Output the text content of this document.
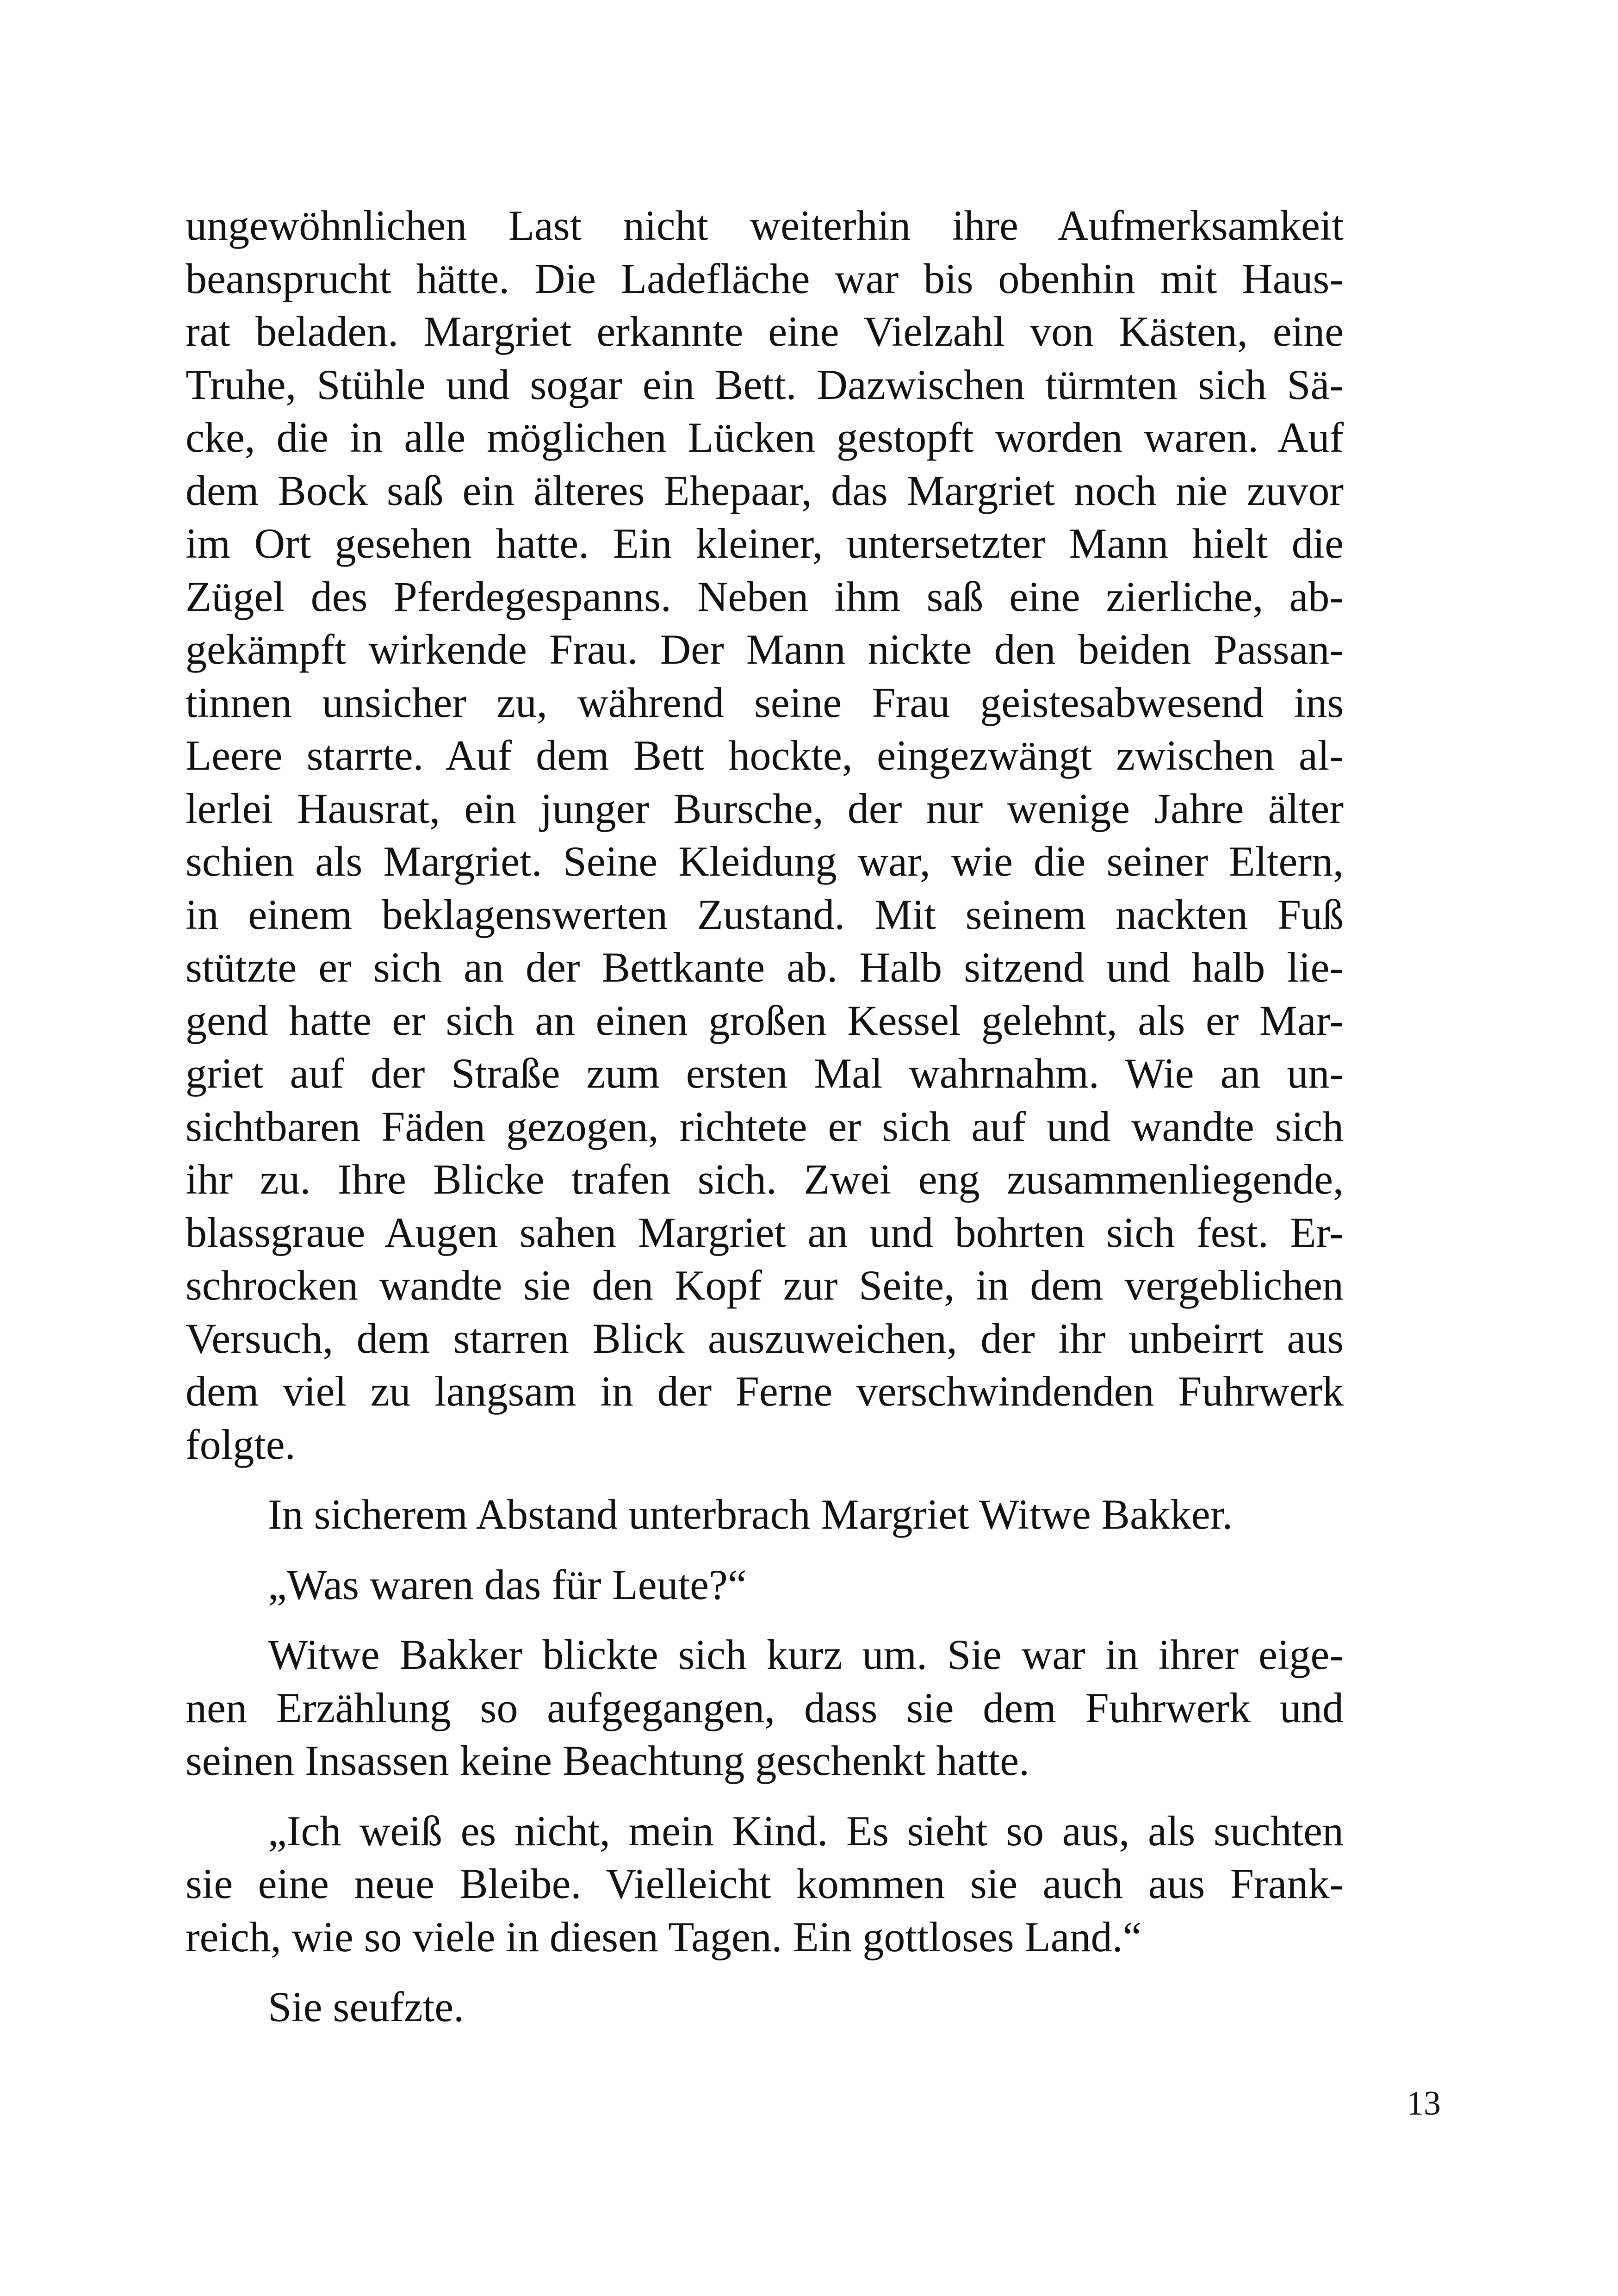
ungewöhnlichen Last nicht weiterhin ihre Aufmerksamkeit
beansprucht hätte. Die Ladefläche war bis obenhin mit Haus-
rat beladen. Margriet erkannte eine Vielzahl von Kästen, eine
Truhe, Stühle und sogar ein Bett. Dazwischen türmten sich Sä-
cke, die in alle möglichen Lücken gestopft worden waren. Auf
dem Bock saß ein älteres Ehepaar, das Margriet noch nie zuvor
im Ort gesehen hatte. Ein kleiner, untersetzter Mann hielt die
Zügel des Pferdegespanns. Neben ihm saß eine zierliche, ab-
gekämpft wirkende Frau. Der Mann nickte den beiden Passan-
tinnen unsicher zu, während seine Frau geistesabwesend ins
Leere starrte. Auf dem Bett hockte, eingezwängt zwischen al-
lerlei Hausrat, ein junger Bursche, der nur wenige Jahre älter
schien als Margriet. Seine Kleidung war, wie die seiner Eltern,
in einem beklagenswerten Zustand. Mit seinem nackten Fuß
stützte er sich an der Bettkante ab. Halb sitzend und halb lie-
gend hatte er sich an einen großen Kessel gelehnt, als er Mar-
griet auf der Straße zum ersten Mal wahrnahm. Wie an un-
sichtbaren Fäden gezogen, richtete er sich auf und wandte sich
ihr zu. Ihre Blicke trafen sich. Zwei eng zusammenliegende,
blassgraue Augen sahen Margriet an und bohrten sich fest. Er-
schrocken wandte sie den Kopf zur Seite, in dem vergeblichen
Versuch, dem starren Blick auszuweichen, der ihr unbeirrt aus
dem viel zu langsam in der Ferne verschwindenden Fuhrwerk
folgte.
In sicherem Abstand unterbrach Margriet Witwe Bakker.
„Was waren das für Leute?“
Witwe Bakker blickte sich kurz um. Sie war in ihrer eige-
nen Erzählung so aufgegangen, dass sie dem Fuhrwerk und
seinen Insassen keine Beachtung geschenkt hatte.
„Ich weiß es nicht, mein Kind. Es sieht so aus, als suchten
sie eine neue Bleibe. Vielleicht kommen sie auch aus Frank-
reich, wie so viele in diesen Tagen. Ein gottloses Land.“
Sie seufzte.
13
